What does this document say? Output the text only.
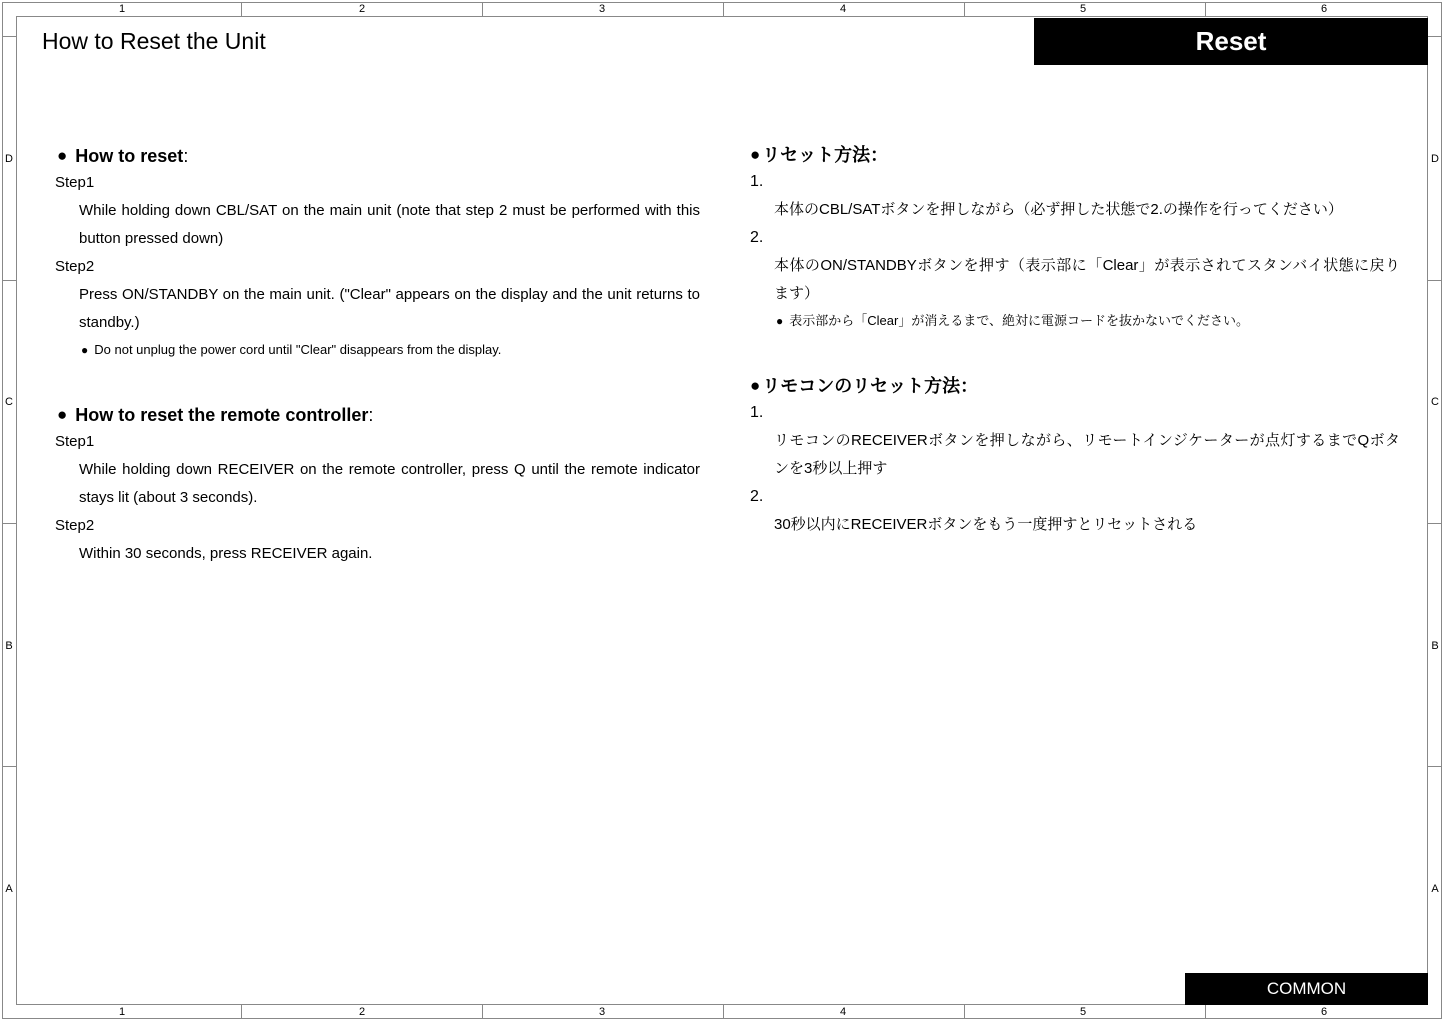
1	2	3	4	5	6
1	2	3	4	5	6
D
C
B
A
D
C
B
A
How to Reset the Unit	Reset
● How to reset :
Step1
While holding down CBL/SAT on the main unit (note that step 2 must be performed with this button pressed down)
Step2
Press ON/STANDBY on the main unit. ("Clear" appears on the display and the unit returns to standby.)
● Do not unplug the power cord until "Clear" disappears from the display.
● How to reset the remote controller :
Step1
While holding down RECEIVER on the remote controller, press Q until the remote indicator stays lit (about 3 seconds).
Step2
Within 30 seconds, press RECEIVER again.
● リセット方法：
1.
本体のCBL/SATボタンを押しながら（必ず押した状態で2.の操作を行ってください）
2.
本体のON/STANDBYボタンを押す（表示部に「Clear」が表示されてスタンバイ状態に戻ります）
● 表示部から「Clear」が消えるまで、絶対に電源コードを抜かないでください。
● リモコンのリセット方法：
1.
リモコンのRECEIVERボタンを押しながら、リモートインジケーターが点灯するまでQボタンを3秒以上押す
2.
30秒以内にRECEIVERボタンをもう一度押すとリセットされる
COMMON
